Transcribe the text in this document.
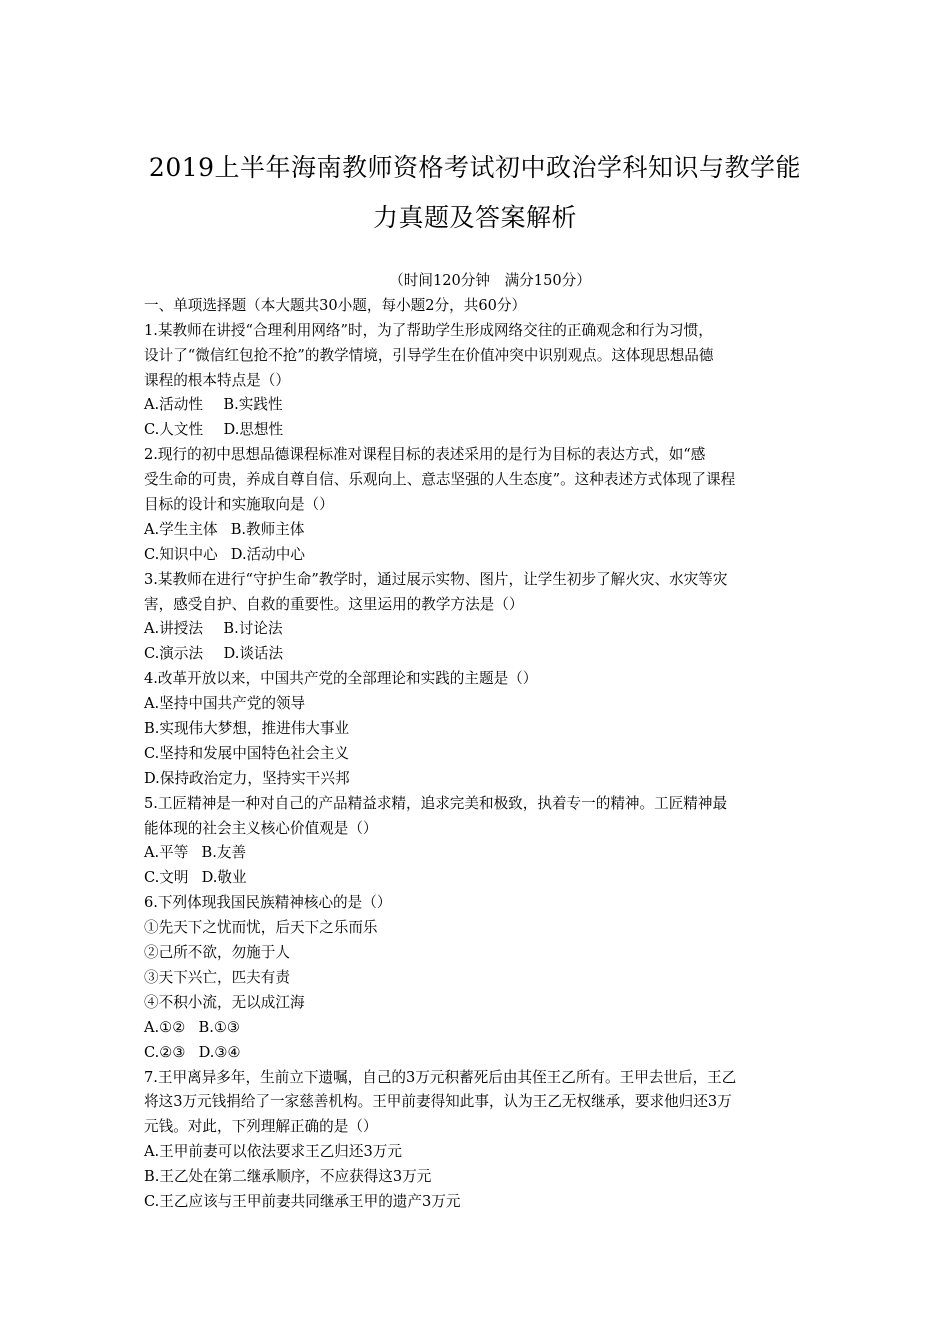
2019上半年海南教师资格考试初中政治学科知识与教学能
力真题及答案解析
（时间120分钟　满分150分）
一、单项选择题（本大题共30小题，每小题2分，共60分）
1.某教师在讲授“合理利用网络”时，为了帮助学生形成网络交往的正确观念和行为习惯，
设计了“微信红包抢不抢”的教学情境，引导学生在价值冲突中识别观点。这体现思想品德
课程的根本特点是（）
A.活动性 B.实践性
C.人文性 D.思想性
2.现行的初中思想品德课程标准对课程目标的表述采用的是行为目标的表达方式，如“感
受生命的可贵，养成自尊自信、乐观向上、意志坚强的人生态度”。这种表述方式体现了课程
目标的设计和实施取向是（）
A.学生主体 B.教师主体
C.知识中心 D.活动中心
3.某教师在进行“守护生命”教学时，通过展示实物、图片，让学生初步了解火灾、水灾等灾
害，感受自护、自救的重要性。这里运用的教学方法是（）
A.讲授法 B.讨论法
C.演示法 D.谈话法
4.改革开放以来，中国共产党的全部理论和实践的主题是（）
A.坚持中国共产党的领导
B.实现伟大梦想，推进伟大事业
C.坚持和发展中国特色社会主义
D.保持政治定力，坚持实干兴邦
5.工匠精神是一种对自己的产品精益求精，追求完美和极致，执着专一的精神。工匠精神最
能体现的社会主义核心价值观是（）
A.平等 B.友善
C.文明 D.敬业
6.下列体现我国民族精神核心的是（）
①先天下之忧而忧，后天下之乐而乐
②己所不欲，勿施于人
③天下兴亡，匹夫有责
④不积小流，无以成江海
A.①② B.①③
C.②③ D.③④
7.王甲离异多年，生前立下遗嘱，自己的3万元积蓄死后由其侄王乙所有。王甲去世后，王乙
将这3万元钱捐给了一家慈善机构。王甲前妻得知此事，认为王乙无权继承，要求他归还3万
元钱。对此，下列理解正确的是（）
A.王甲前妻可以依法要求王乙归还3万元
B.王乙处在第二继承顺序，不应获得这3万元
C.王乙应该与王甲前妻共同继承王甲的遗产3万元
